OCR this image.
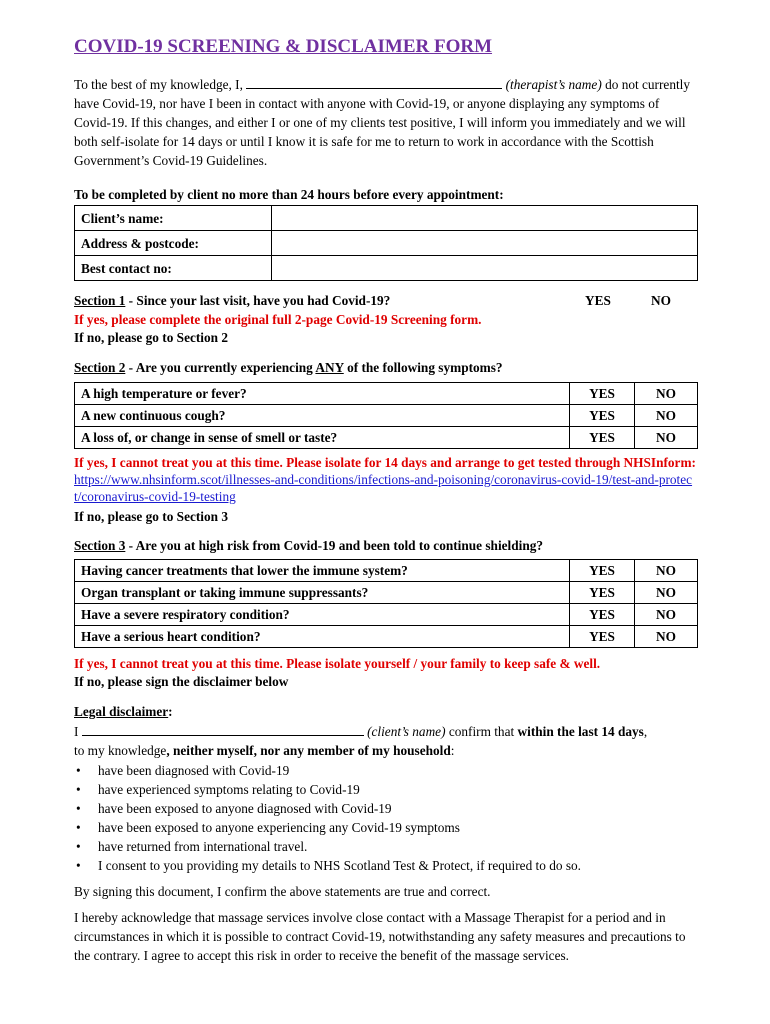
COVID-19 SCREENING & DISCLAIMER FORM
To the best of my knowledge, I,	(therapist’s name) do not currently have Covid-19, nor have I been in contact with anyone with Covid-19, or anyone displaying any symptoms of Covid-19. If this changes, and either I or one of my clients test positive, I will inform you immediately and we will both self-isolate for 14 days or until I know it is safe for me to return to work in accordance with the Scottish Government’s Covid-19 Guidelines.
To be completed by client no more than 24 hours before every appointment:
Client’s name:	
Address & postcode:	
Best contact no:	
Section 1 - Since your last visit, have you had Covid-19?	YES	NO
If yes, please complete the original full 2-page Covid-19 Screening form.
If no, please go to Section 2
Section 2 - Are you currently experiencing ANY of the following symptoms?
A high temperature or fever?	YES	NO
A new continuous cough?	YES	NO
A loss of, or change in sense of smell or taste?	YES	NO
If yes, I cannot treat you at this time. Please isolate for 14 days and arrange to get tested through NHSInform: https://www.nhsinform.scot/illnesses-and-conditions/infections-and-poisoning/coronavirus-covid-19/test-and-protect/coronavirus-covid-19-testing
If no, please go to Section 3
Section 3 - Are you at high risk from Covid-19 and been told to continue shielding?
Having cancer treatments that lower the immune system?	YES	NO
Organ transplant or taking immune suppressants?	YES	NO
Have a severe respiratory condition?	YES	NO
Have a serious heart condition?	YES	NO
If yes, I cannot treat you at this time. Please isolate yourself / your family to keep safe & well.
If no, please sign the disclaimer below
Legal disclaimer:
I	(client’s name) confirm that within the last 14 days,
to my knowledge, neither myself, nor any member of my household:
• have been diagnosed with Covid-19
• have experienced symptoms relating to Covid-19
• have been exposed to anyone diagnosed with Covid-19
• have been exposed to anyone experiencing any Covid-19 symptoms
• have returned from international travel.
• I consent to you providing my details to NHS Scotland Test & Protect, if required to do so.
By signing this document, I confirm the above statements are true and correct.
I hereby acknowledge that massage services involve close contact with a Massage Therapist for a period and in circumstances in which it is possible to contract Covid-19, notwithstanding any safety measures and precautions to the contrary. I agree to accept this risk in order to receive the benefit of the massage services.
